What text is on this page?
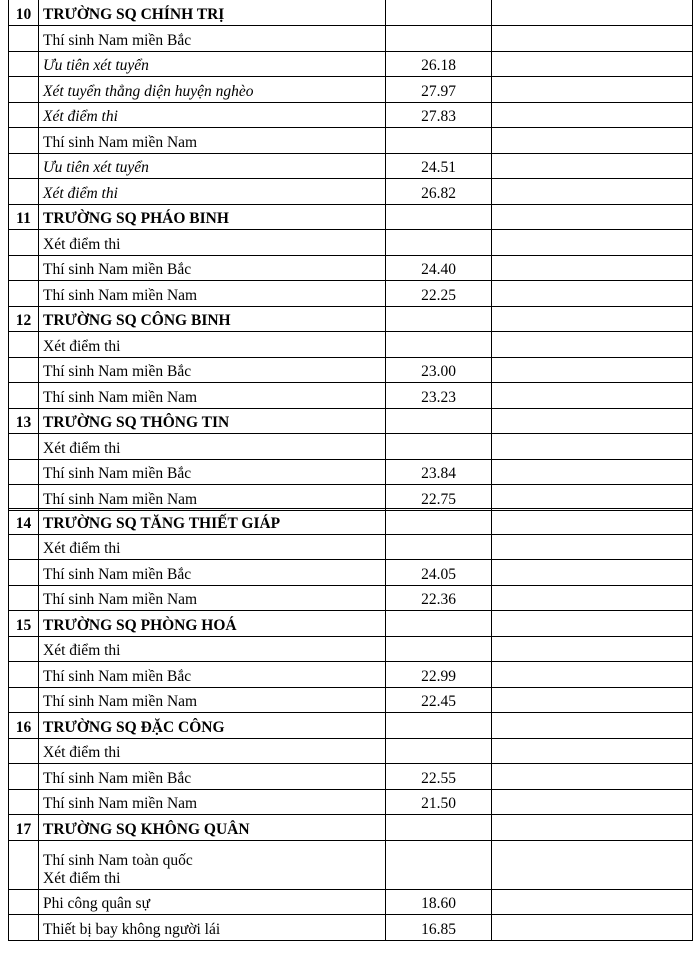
10	TRƯỜNG SQ CHÍNH TRỊ		
	Thí sinh Nam miền Bắc		
	Ưu tiên xét tuyển	26.18	
	Xét tuyển thẳng diện huyện nghèo	27.97	
	Xét điểm thi	27.83	
	Thí sinh Nam miền Nam		
	Ưu tiên xét tuyển	24.51	
	Xét điểm thi	26.82	
11	TRƯỜNG SQ PHÁO BINH		
	Xét điểm thi		
	Thí sinh Nam miền Bắc	24.40	
	Thí sinh Nam miền Nam	22.25	
12	TRƯỜNG SQ CÔNG BINH		
	Xét điểm thi		
	Thí sinh Nam miền Bắc	23.00	
	Thí sinh Nam miền Nam	23.23	
13	TRƯỜNG SQ THÔNG TIN		
	Xét điểm thi		
	Thí sinh Nam miền Bắc	23.84	
	Thí sinh Nam miền Nam	22.75	
14	TRƯỜNG SQ TĂNG THIẾT GIÁP		
	Xét điểm thi		
	Thí sinh Nam miền Bắc	24.05	
	Thí sinh Nam miền Nam	22.36	
15	TRƯỜNG SQ PHÒNG HOÁ		
	Xét điểm thi		
	Thí sinh Nam miền Bắc	22.99	
	Thí sinh Nam miền Nam	22.45	
16	TRƯỜNG SQ ĐẶC CÔNG		
	Xét điểm thi		
	Thí sinh Nam miền Bắc	22.55	
	Thí sinh Nam miền Nam	21.50	
17	TRƯỜNG SQ KHÔNG QUÂN		

	Thí sinh Nam toàn quốc
Xét điểm thi		

	Phi công quân sự	18.60	
	Thiết bị bay không người lái	16.85	
